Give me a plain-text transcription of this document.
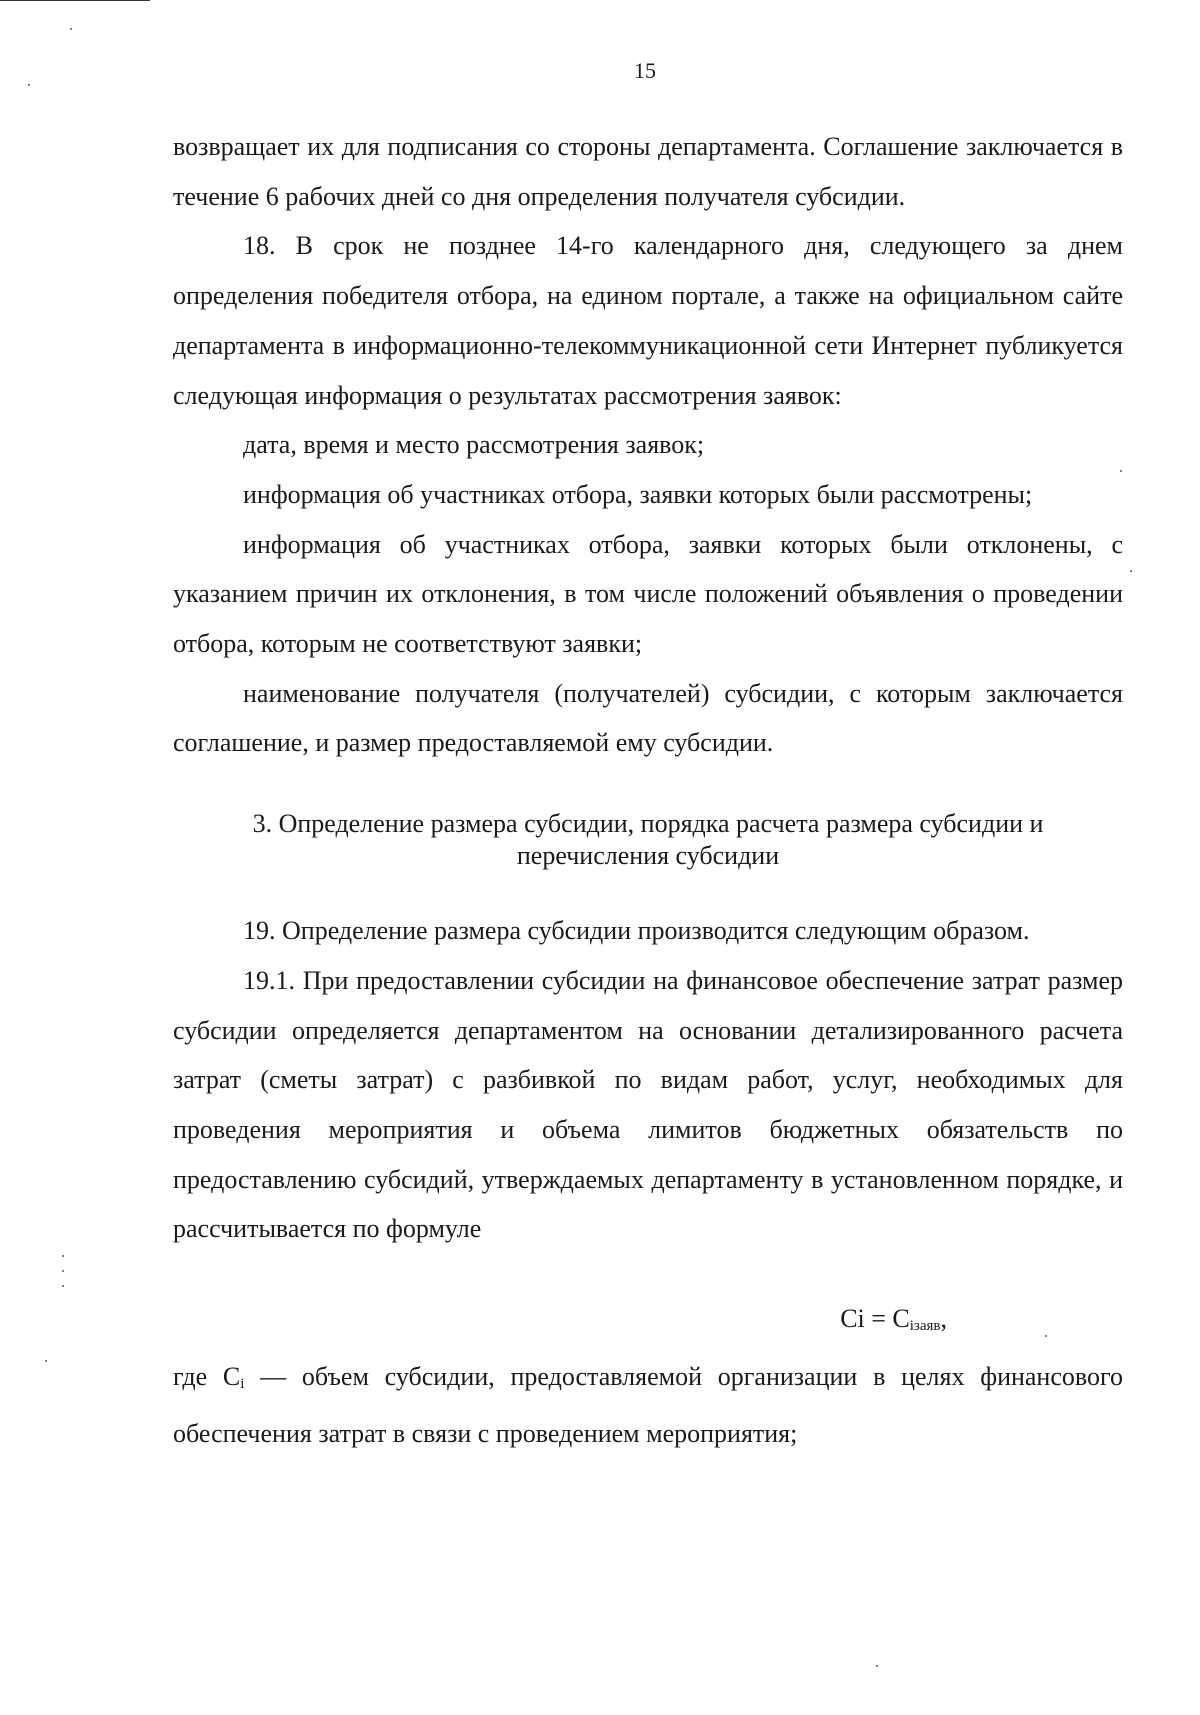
15

возвращает их для подписания со стороны департамента. Соглашение заключается в течение 6 рабочих дней со дня определения получателя субсидии.

18. В срок не позднее 14-го календарного дня, следующего за днем определения победителя отбора, на едином портале, а также на официальном сайте департамента в информационно-телекоммуникационной сети Интернет публикуется следующая информация о результатах рассмотрения заявок:

дата, время и место рассмотрения заявок;

информация об участниках отбора, заявки которых были рассмотрены;

информация об участниках отбора, заявки которых были отклонены, с указанием причин их отклонения, в том числе положений объявления о проведении отбора, которым не соответствуют заявки;

наименование получателя (получателей) субсидии, с которым заключается соглашение, и размер предоставляемой ему субсидии.

3. Определение размера субсидии, порядка расчета размера субсидии и
перечисления субсидии

19. Определение размера субсидии производится следующим образом.

19.1. При предоставлении субсидии на финансовое обеспечение затрат размер субсидии определяется департаментом на основании детализированного расчета затрат (сметы затрат) с разбивкой по видам работ, услуг, необходимых для проведения мероприятия и объема лимитов бюджетных обязательств по предоставлению субсидий, утверждаемых департаменту в установленном порядке, и рассчитывается по формуле

$Ci = C_{iзаяв}$,

где $C_i$ — объем субсидии, предоставляемой организации в целях финансового обеспечения затрат в связи с проведением мероприятия;
